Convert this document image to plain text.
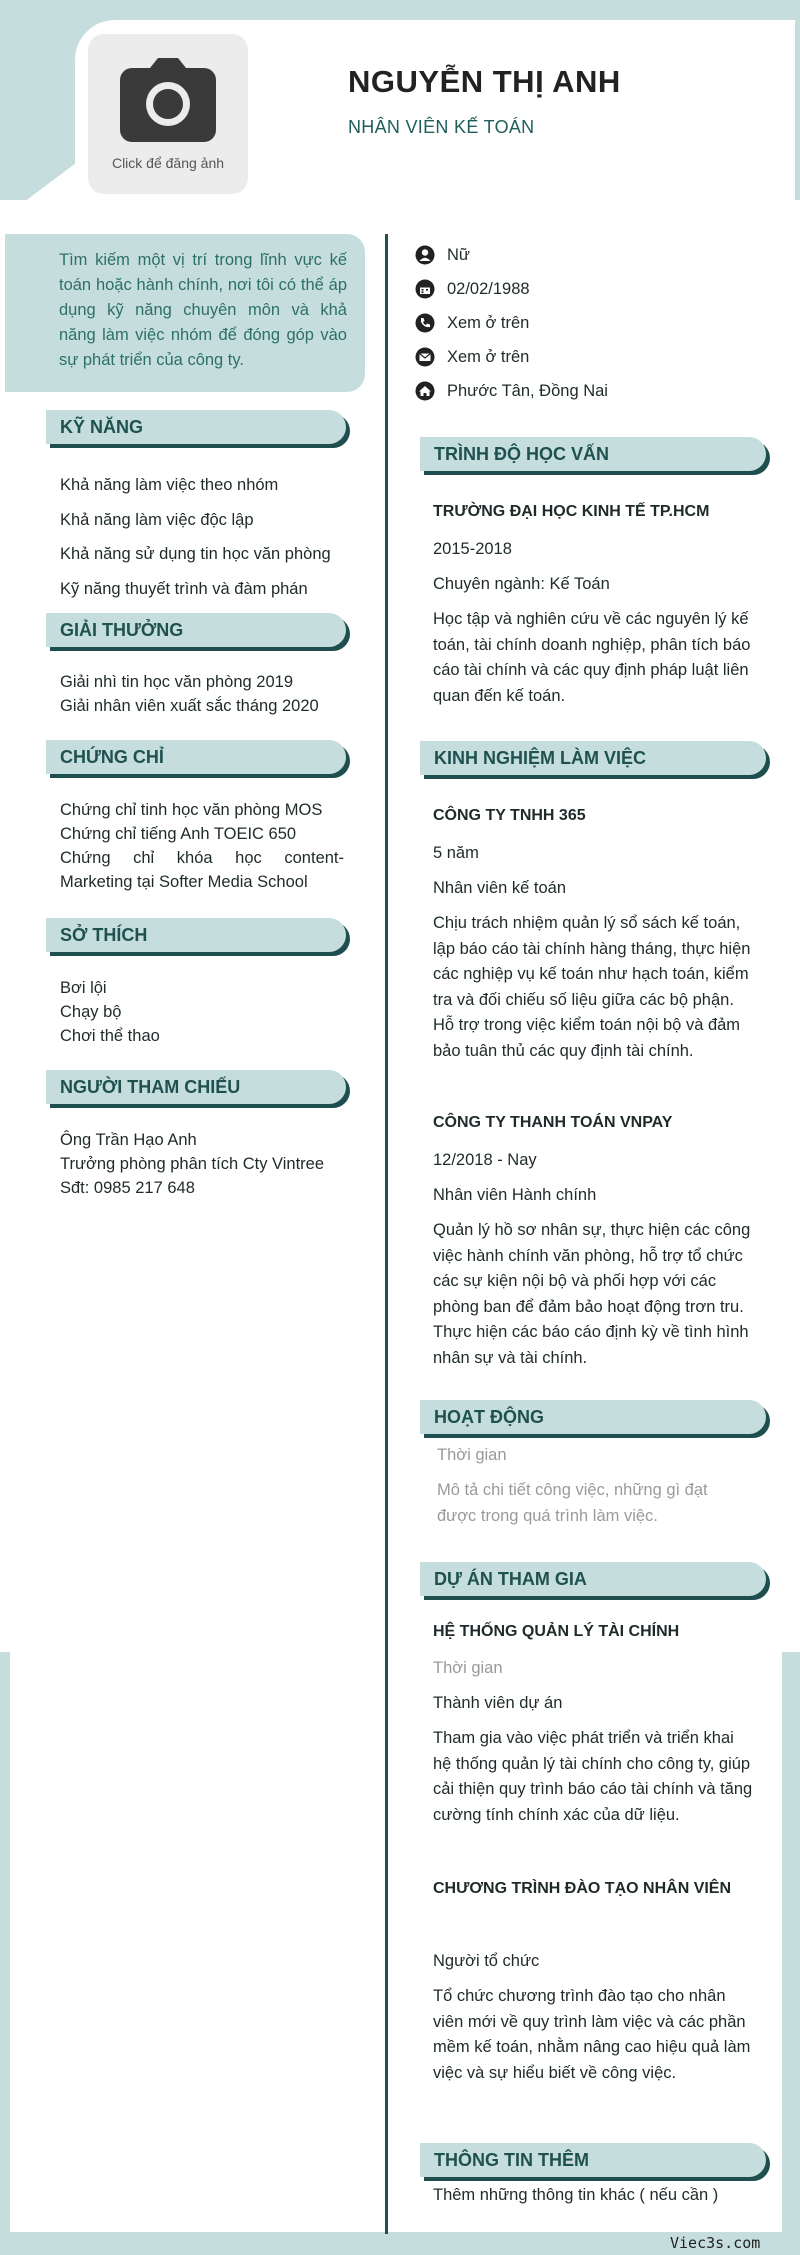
Click để đăng ảnh
NGUYỄN THỊ ANH
NHÂN VIÊN KẾ TOÁN
Tìm kiếm một vị trí trong lĩnh vực kế toán hoặc hành chính, nơi tôi có thể áp dụng kỹ năng chuyên môn và khả năng làm việc nhóm để đóng góp vào sự phát triển của công ty.
Nữ
02/02/1988
Xem ở trên
Xem ở trên
Phước Tân, Đồng Nai
KỸ NĂNG
Khả năng làm việc theo nhóm
Khả năng làm việc độc lập
Khả năng sử dụng tin học văn phòng
Kỹ năng thuyết trình và đàm phán
GIẢI THƯỞNG
Giải nhì tin học văn phòng 2019
Giải nhân viên xuất sắc tháng 2020
CHỨNG CHỈ
Chứng chỉ tinh học văn phòng MOS
Chứng chỉ tiếng Anh TOEIC 650
Chứng chỉ khóa học content-Marketing tại Softer Media School
SỞ THÍCH
Bơi lội
Chạy bộ
Chơi thể thao
NGƯỜI THAM CHIẾU
Ông Trần Hạo Anh
Trưởng phòng phân tích Cty Vintree
Sđt: 0985 217 648
TRÌNH ĐỘ HỌC VẤN
TRƯỜNG ĐẠI HỌC KINH TẾ TP.HCM
2015-2018
Chuyên ngành: Kế Toán
Học tập và nghiên cứu về các nguyên lý kế toán, tài chính doanh nghiệp, phân tích báo cáo tài chính và các quy định pháp luật liên quan đến kế toán.
KINH NGHIỆM LÀM VIỆC
CÔNG TY TNHH 365
5 năm
Nhân viên kế toán
Chịu trách nhiệm quản lý sổ sách kế toán, lập báo cáo tài chính hàng tháng, thực hiện các nghiệp vụ kế toán như hạch toán, kiểm tra và đối chiếu số liệu giữa các bộ phận. Hỗ trợ trong việc kiểm toán nội bộ và đảm bảo tuân thủ các quy định tài chính.
CÔNG TY THANH TOÁN VNPAY
12/2018 - Nay
Nhân viên Hành chính
Quản lý hồ sơ nhân sự, thực hiện các công việc hành chính văn phòng, hỗ trợ tổ chức các sự kiện nội bộ và phối hợp với các phòng ban để đảm bảo hoạt động trơn tru. Thực hiện các báo cáo định kỳ về tình hình nhân sự và tài chính.
HOẠT ĐỘNG
Thời gian
Mô tả chi tiết công việc, những gì đạt được trong quá trình làm việc.
DỰ ÁN THAM GIA
HỆ THỐNG QUẢN LÝ TÀI CHÍNH
Thời gian
Thành viên dự án
Tham gia vào việc phát triển và triển khai hệ thống quản lý tài chính cho công ty, giúp cải thiện quy trình báo cáo tài chính và tăng cường tính chính xác của dữ liệu.
CHƯƠNG TRÌNH ĐÀO TẠO NHÂN VIÊN
Người tổ chức
Tổ chức chương trình đào tạo cho nhân viên mới về quy trình làm việc và các phần mềm kế toán, nhằm nâng cao hiệu quả làm việc và sự hiểu biết về công việc.
THÔNG TIN THÊM
Thêm những thông tin khác ( nếu cần )
Viec3s.com
